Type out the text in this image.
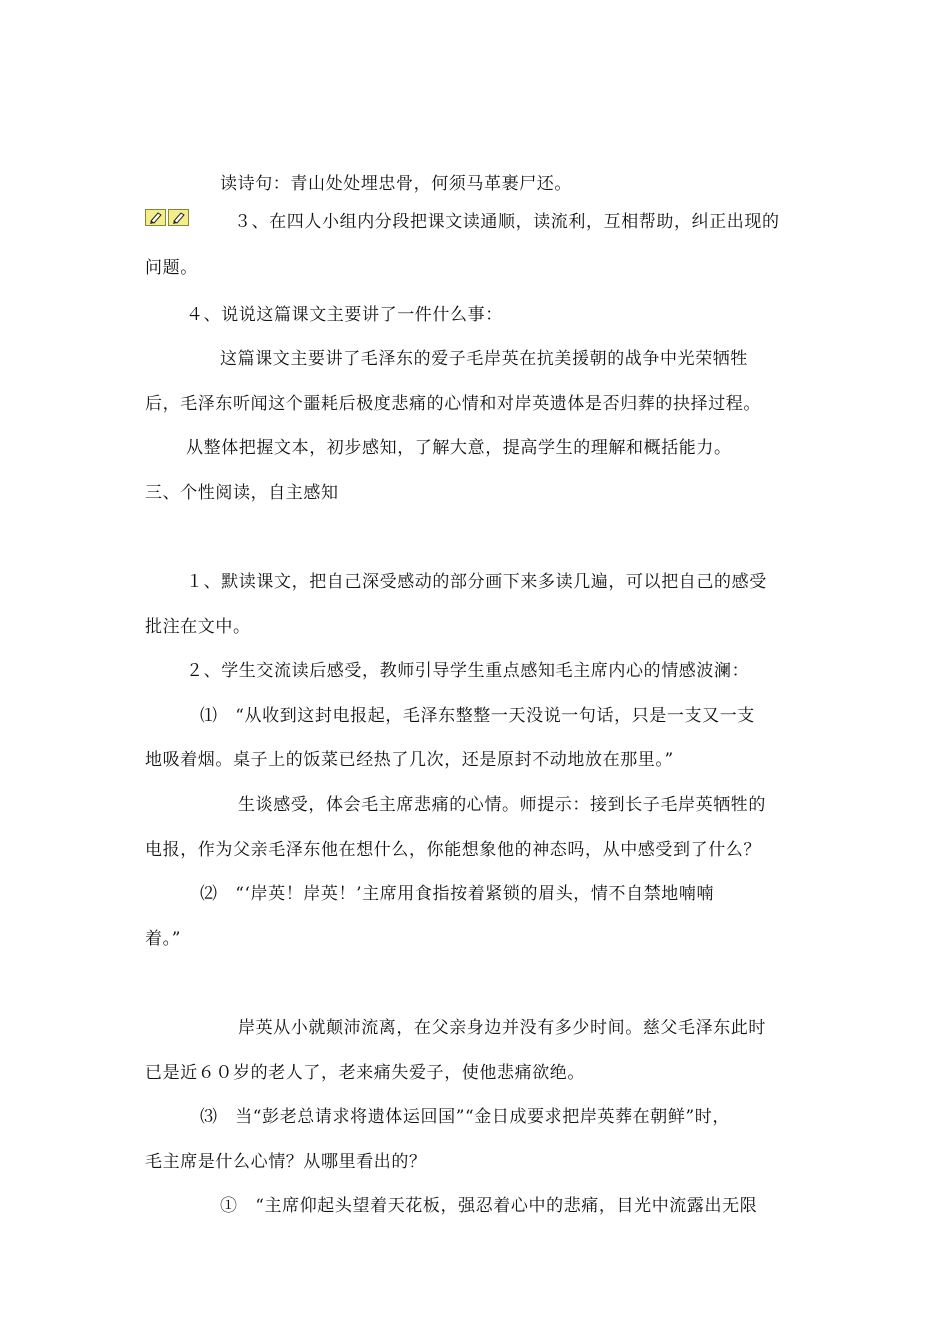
读诗句：青山处处埋忠骨，何须马革裹尸还。
３、在四人小组内分段把课文读通顺，读流利，互相帮助，纠正出现的
问题。
４、说说这篇课文主要讲了一件什么事：
这篇课文主要讲了毛泽东的爱子毛岸英在抗美援朝的战争中光荣牺牲
后，毛泽东听闻这个噩耗后极度悲痛的心情和对岸英遗体是否归葬的抉择过程。
从整体把握文本，初步感知，了解大意，提高学生的理解和概括能力。
三、个性阅读，自主感知
１、默读课文，把自己深受感动的部分画下来多读几遍，可以把自己的感受
批注在文中。
２、学生交流读后感受，教师引导学生重点感知毛主席内心的情感波澜：
⑴　“从收到这封电报起，毛泽东整整一天没说一句话，只是一支又一支
地吸着烟。桌子上的饭菜已经热了几次，还是原封不动地放在那里。”
生谈感受，体会毛主席悲痛的心情。师提示：接到长子毛岸英牺牲的
电报，作为父亲毛泽东他在想什么，你能想象他的神态吗，从中感受到了什么？
⑵　“‘岸英！岸英！’主席用食指按着紧锁的眉头，情不自禁地喃喃
着。”
岸英从小就颠沛流离，在父亲身边并没有多少时间。慈父毛泽东此时
已是近６０岁的老人了，老来痛失爱子，使他悲痛欲绝。
⑶　当“彭老总请求将遗体运回国”“金日成要求把岸英葬在朝鲜”时，
毛主席是什么心情？从哪里看出的？
①　“主席仰起头望着天花板，强忍着心中的悲痛，目光中流露出无限
